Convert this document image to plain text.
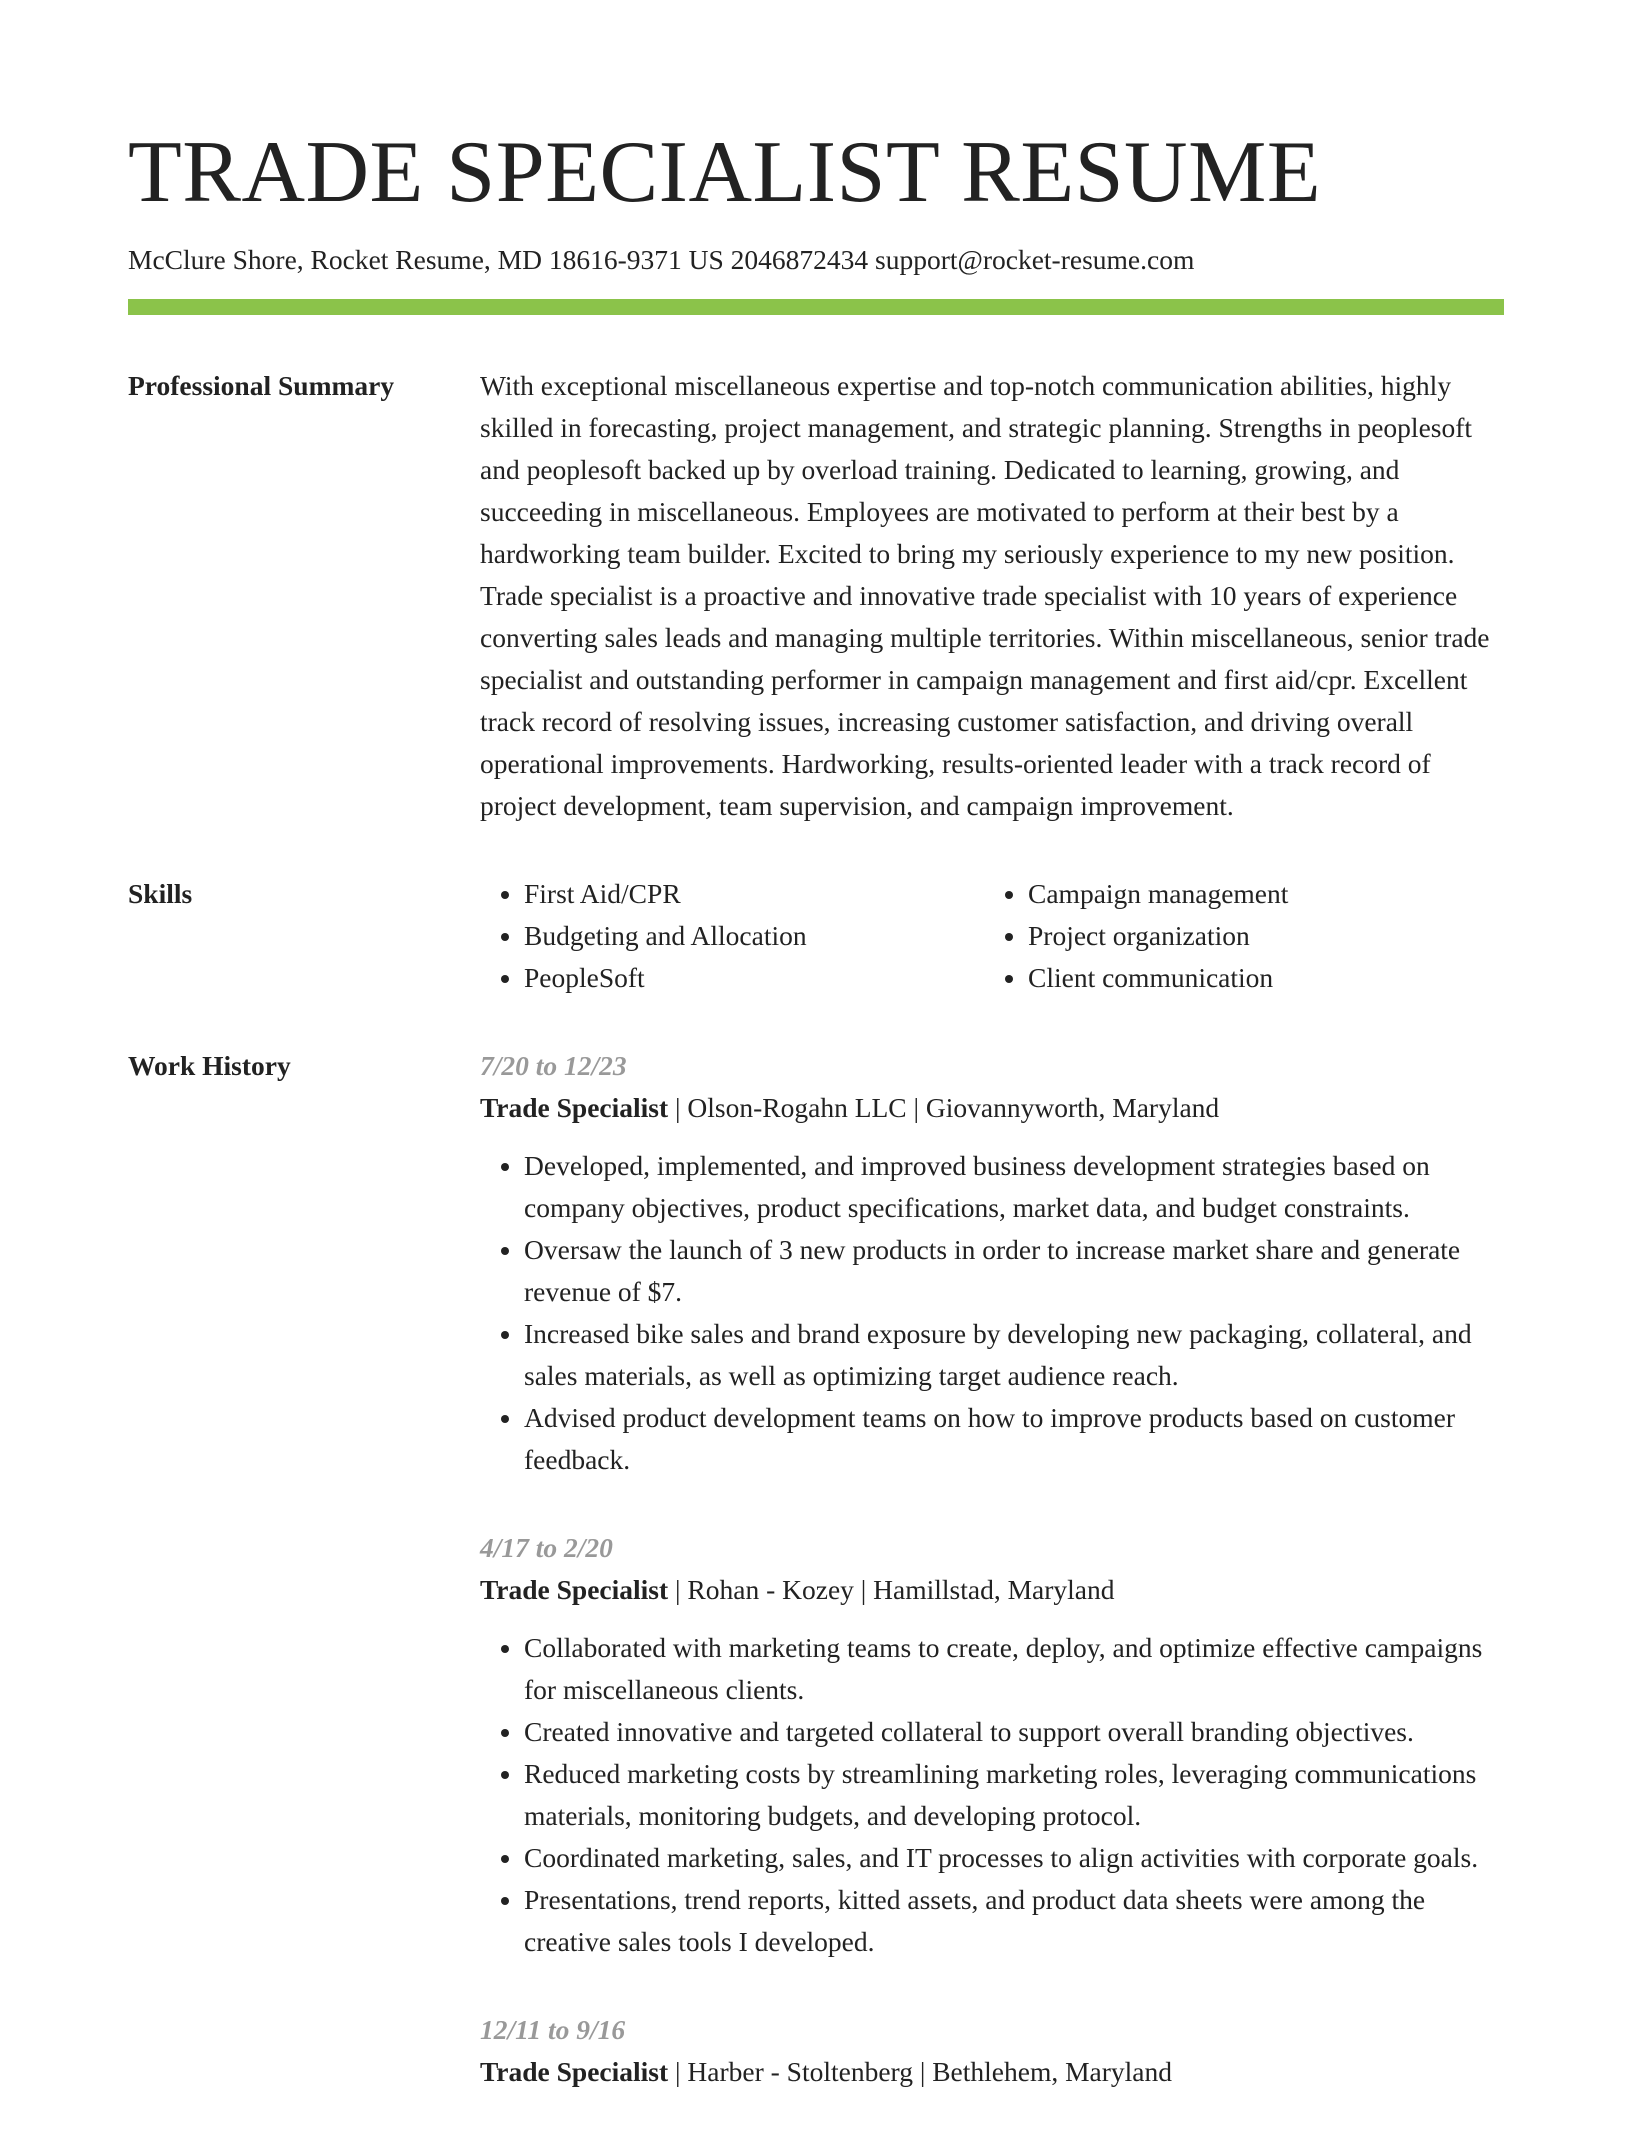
TRADE SPECIALIST RESUME
McClure Shore, Rocket Resume, MD 18616-9371 US 2046872434 support@rocket-resume.com
Professional Summary	With exceptional miscellaneous expertise and top-notch communication abilities, highly skilled in forecasting, project management, and strategic planning. Strengths in peoplesoft and peoplesoft backed up by overload training. Dedicated to learning, growing, and succeeding in miscellaneous. Employees are motivated to perform at their best by a hardworking team builder. Excited to bring my seriously experience to my new position. Trade specialist is a proactive and innovative trade specialist with 10 years of experience converting sales leads and managing multiple territories. Within miscellaneous, senior trade specialist and outstanding performer in campaign management and first aid/cpr. Excellent track record of resolving issues, increasing customer satisfaction, and driving overall operational improvements. Hardworking, results-oriented leader with a track record of project development, team supervision, and campaign improvement.

Skills
•	First Aid/CPR
• Budgeting and Allocation
• PeopleSoft
• Campaign management
• Project organization
• Client communication
Work History	7/20 to 12/23
Trade Specialist | Olson-Rogahn LLC | Giovannyworth, Maryland
• Developed, implemented, and improved business development strategies based on company objectives, product specifications, market data, and budget constraints.
• Oversaw the launch of 3 new products in order to increase market share and generate revenue of $7.
• Increased bike sales and brand exposure by developing new packaging, collateral, and sales materials, as well as optimizing target audience reach.
• Advised product development teams on how to improve products based on customer feedback.
4/17 to 2/20
Trade Specialist | Rohan - Kozey | Hamillstad, Maryland
• Collaborated with marketing teams to create, deploy, and optimize effective campaigns for miscellaneous clients.
• Created innovative and targeted collateral to support overall branding objectives.
• Reduced marketing costs by streamlining marketing roles, leveraging communications materials, monitoring budgets, and developing protocol.
• Coordinated marketing, sales, and IT processes to align activities with corporate goals.
• Presentations, trend reports, kitted assets, and product data sheets were among the creative sales tools I developed.
12/11 to 9/16
Trade Specialist | Harber - Stoltenberg | Bethlehem, Maryland
